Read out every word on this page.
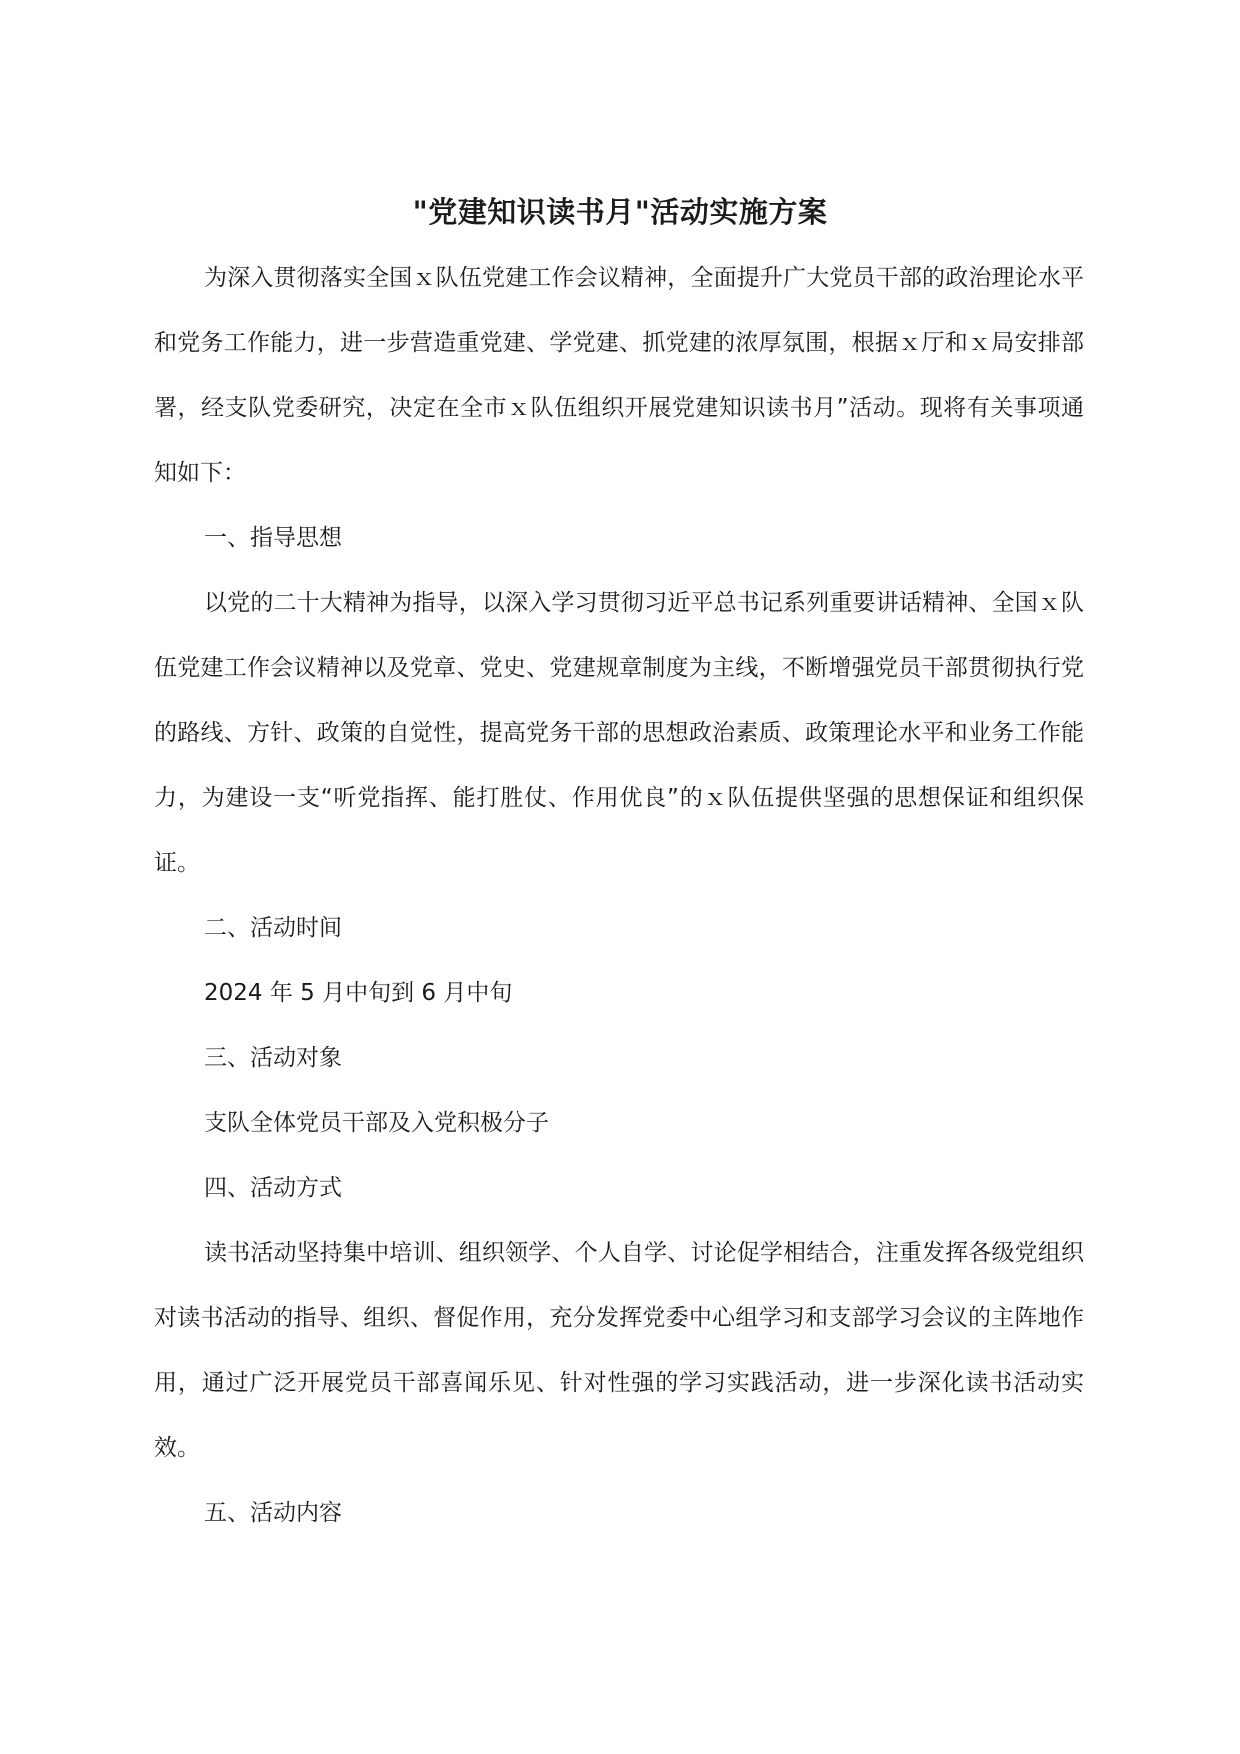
"党建知识读书月"活动实施方案

为深入贯彻落实全国ｘ队伍党建工作会议精神，全面提升广大党员干部的政治理论水平和党务工作能力，进一步营造重党建、学党建、抓党建的浓厚氛围，根据ｘ厅和ｘ局安排部署，经支队党委研究，决定在全市ｘ队伍组织开展党建知识读书月”活动。现将有关事项通知如下：

一、指导思想

以党的二十大精神为指导，以深入学习贯彻习近平总书记系列重要讲话精神、全国ｘ队伍党建工作会议精神以及党章、党史、党建规章制度为主线，不断增强党员干部贯彻执行党的路线、方针、政策的自觉性，提高党务干部的思想政治素质、政策理论水平和业务工作能力，为建设一支“听党指挥、能打胜仗、作用优良”的ｘ队伍提供坚强的思想保证和组织保证。

二、活动时间

2024 年 5 月中旬到 6 月中旬

三、活动对象

支队全体党员干部及入党积极分子

四、活动方式

读书活动坚持集中培训、组织领学、个人自学、讨论促学相结合，注重发挥各级党组织对读书活动的指导、组织、督促作用，充分发挥党委中心组学习和支部学习会议的主阵地作用，通过广泛开展党员干部喜闻乐见、针对性强的学习实践活动，进一步深化读书活动实效。

五、活动内容
